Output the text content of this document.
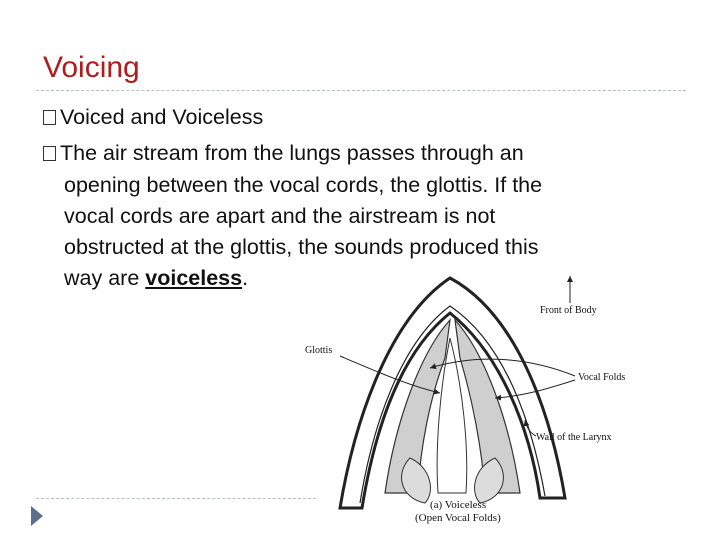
Voicing
Voiced and Voiceless
The air stream from the lungs passes through an
opening between the vocal cords, the glottis. If the
vocal cords are apart and the airstream is not
obstructed at the glottis, the sounds produced this
Front of Body
Glottis
Vocal Folds
Wall of the Larynx
(a) Voiceless
(Open Vocal Folds)
way are voiceless.
